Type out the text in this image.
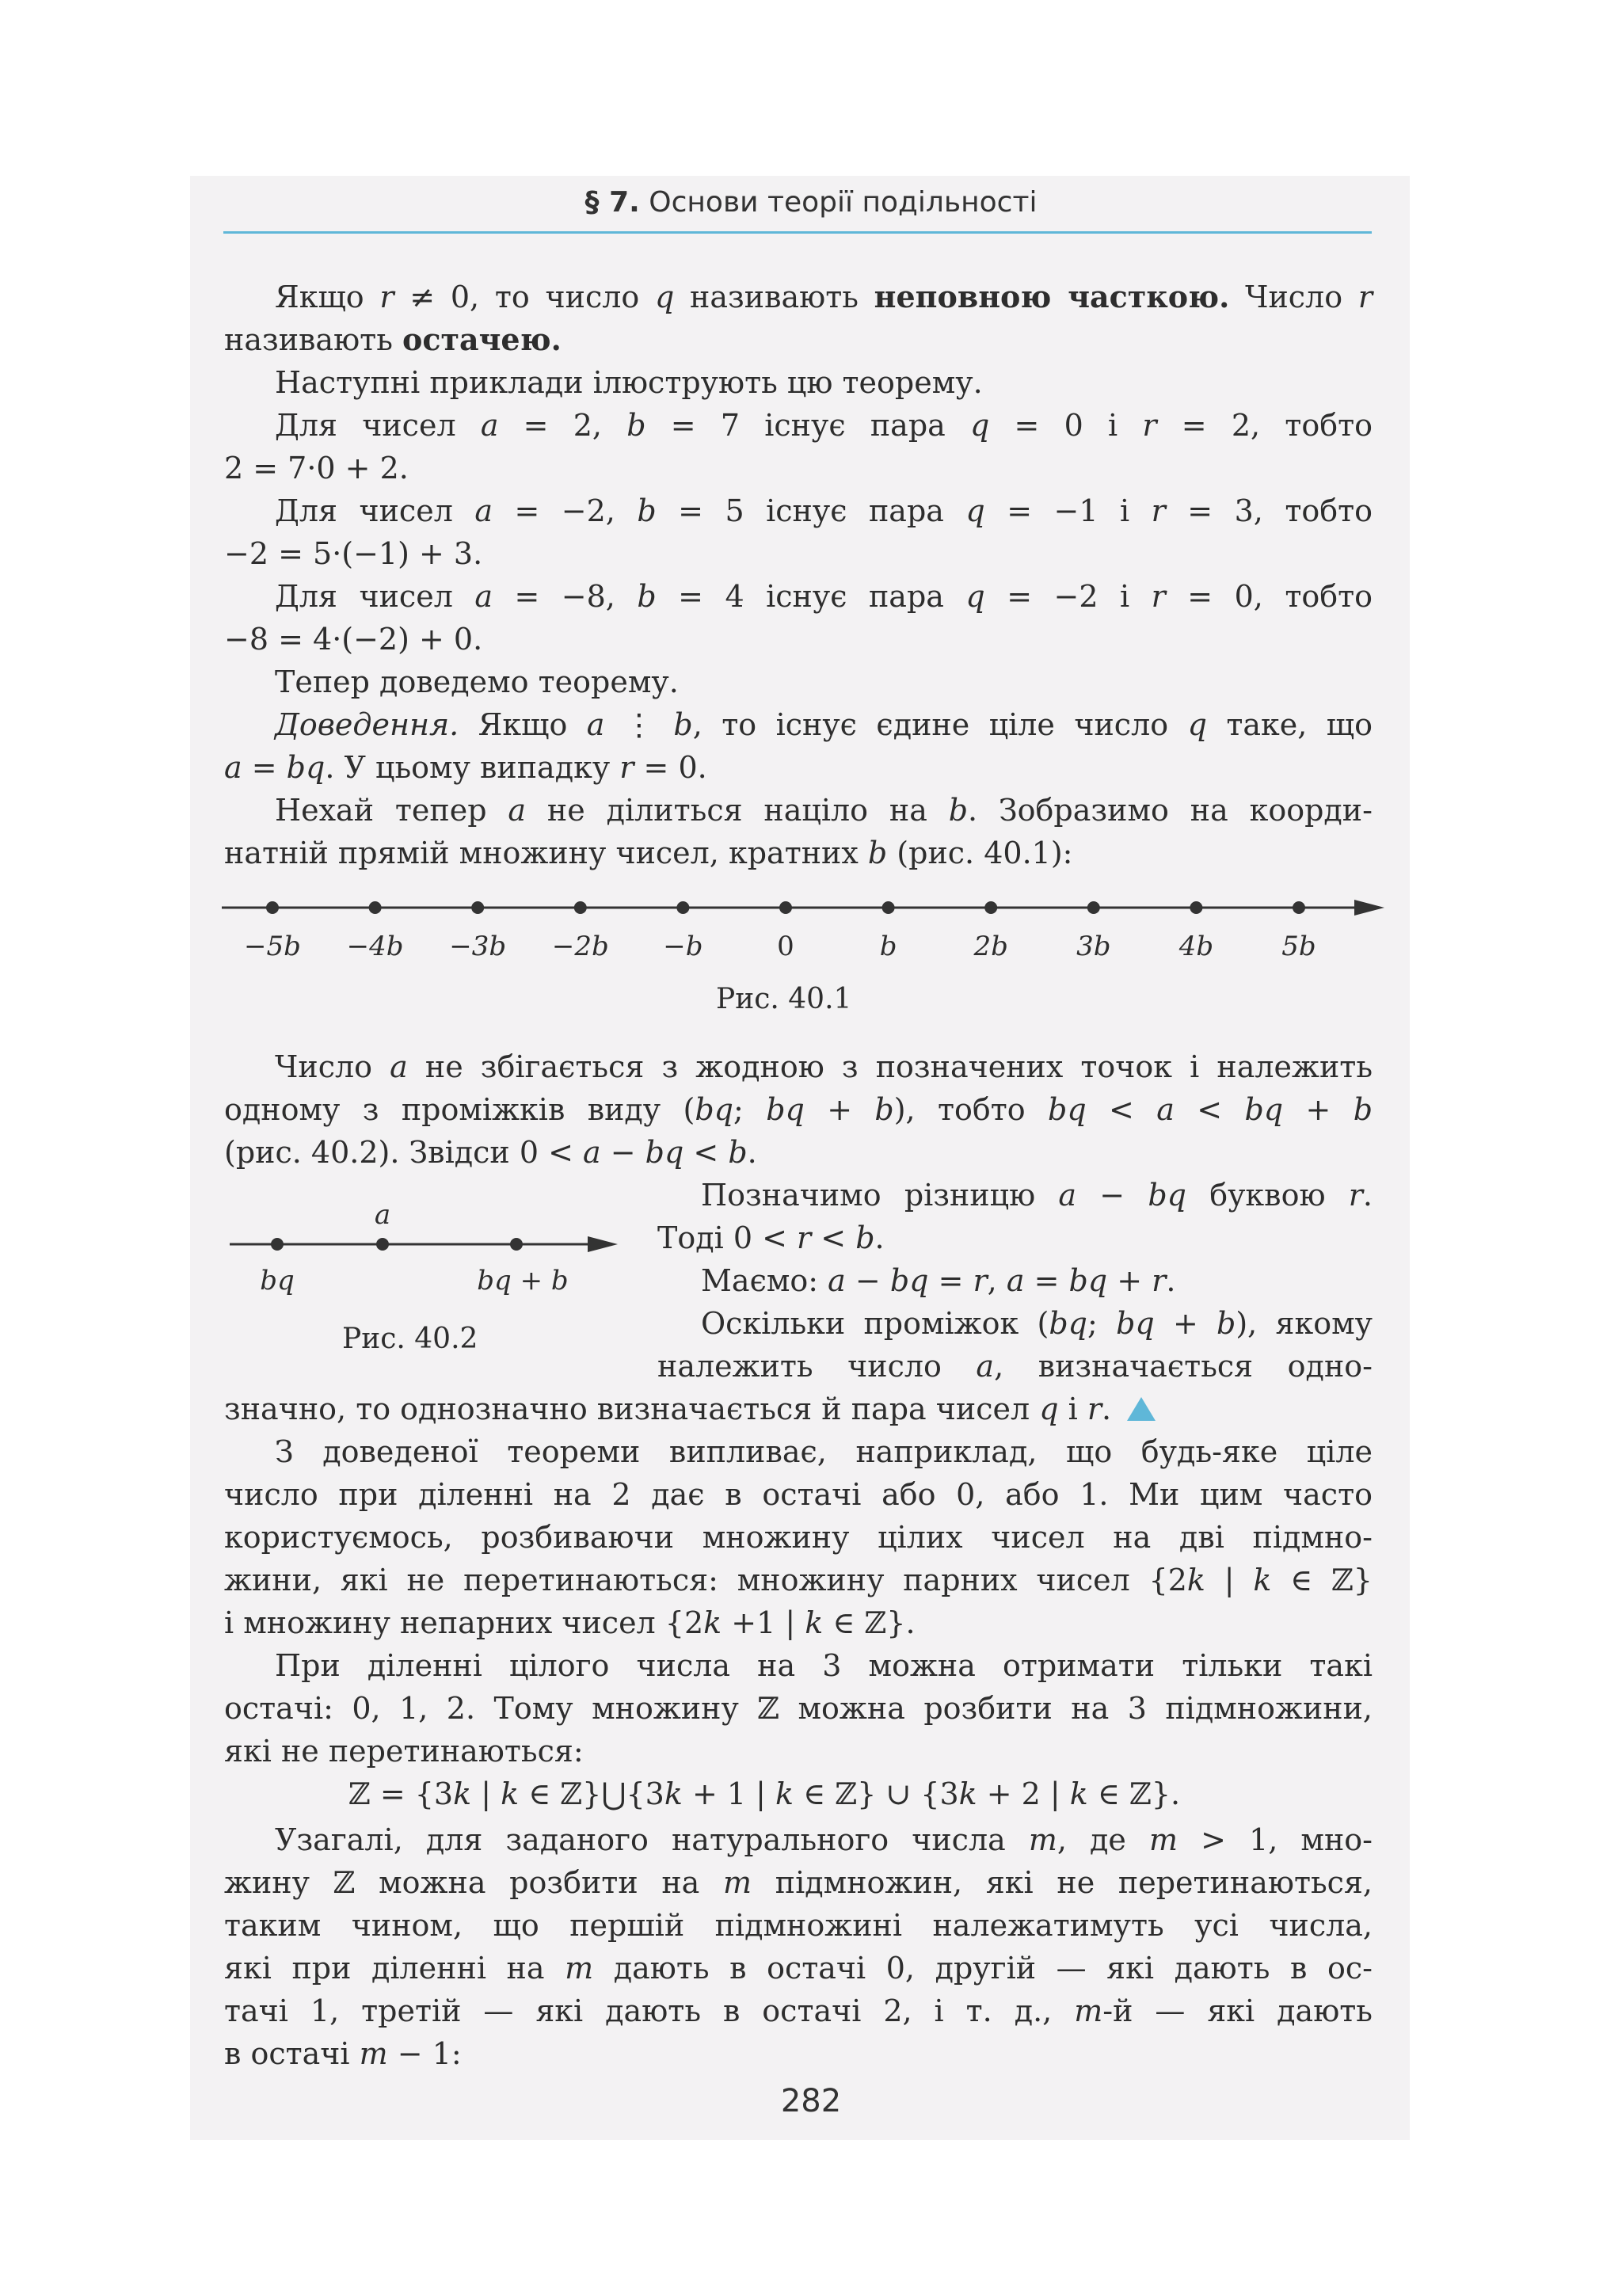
§ 7. Основи теорії подільності
Якщо r ≠ 0, то число q називають неповною часткою. Число r
називають остачею.
Наступні приклади ілюструють цю теорему.
Для чисел a = 2, b = 7 існує пара q = 0 і r = 2, тобто
2 = 7·0 + 2.
Для чисел a = −2, b = 5 існує пара q = −1 і r = 3, тобто
−2 = 5·(−1) + 3.
Для чисел a = −8, b = 4 існує пара q = −2 і r = 0, тобто
−8 = 4·(−2) + 0.
Тепер доведемо теорему.
Доведення. Якщо a ⋮ b, то існує єдине ціле число q таке, що
a = bq. У цьому випадку r = 0.
Нехай тепер a не ділиться націло на b. Зобразимо на коорди-
натній прямій множину чисел, кратних b (рис. 40.1):
−5b −4b −3b −2b −b	0	b	2b	3b	4b	5b
Рис. 40.1
Число a не збігається з жодною з позначених точок і належить
одному з проміжків виду (bq; bq + b), тобто bq < a < bq + b
(рис. 40.2). Звідси 0 < a − bq < b.
a
bq	bq + b
Рис. 40.2
Позначимо різницю a − bq буквою r.
Тоді 0 < r < b.
Маємо: a − bq = r, a = bq + r.
Оскільки проміжок (bq; bq + b), якому
належить число a, визначається одно-
значно, то однозначно визначається й пара чисел q і r.
З доведеної теореми випливає, наприклад, що будь-яке ціле
число при діленні на 2 дає в остачі або 0, або 1. Ми цим часто
користуємось, розбиваючи множину цілих чисел на дві підмно-
жини, які не перетинаються: множину парних чисел {2k | k ∈ ℤ}
і множину непарних чисел {2k +1 | k ∈ ℤ}.
При діленні цілого числа на 3 можна отримати тільки такі
остачі: 0, 1, 2. Тому множину ℤ можна розбити на 3 підмножини,
які не перетинаються:
ℤ = {3k | k ∈ ℤ}⋃{3k + 1 | k ∈ ℤ} ∪ {3k + 2 | k ∈ ℤ}.
Узагалі, для заданого натурального числа m, де m > 1, мно-
жину ℤ можна розбити на m підмножин, які не перетинаються,
таким чином, що першій підмножині належатимуть усі числа,
які при діленні на m дають в остачі 0, другій — які дають в ос-
тачі 1, третій — які дають в остачі 2, і т. д., m-й — які дають
в остачі m − 1:
282
